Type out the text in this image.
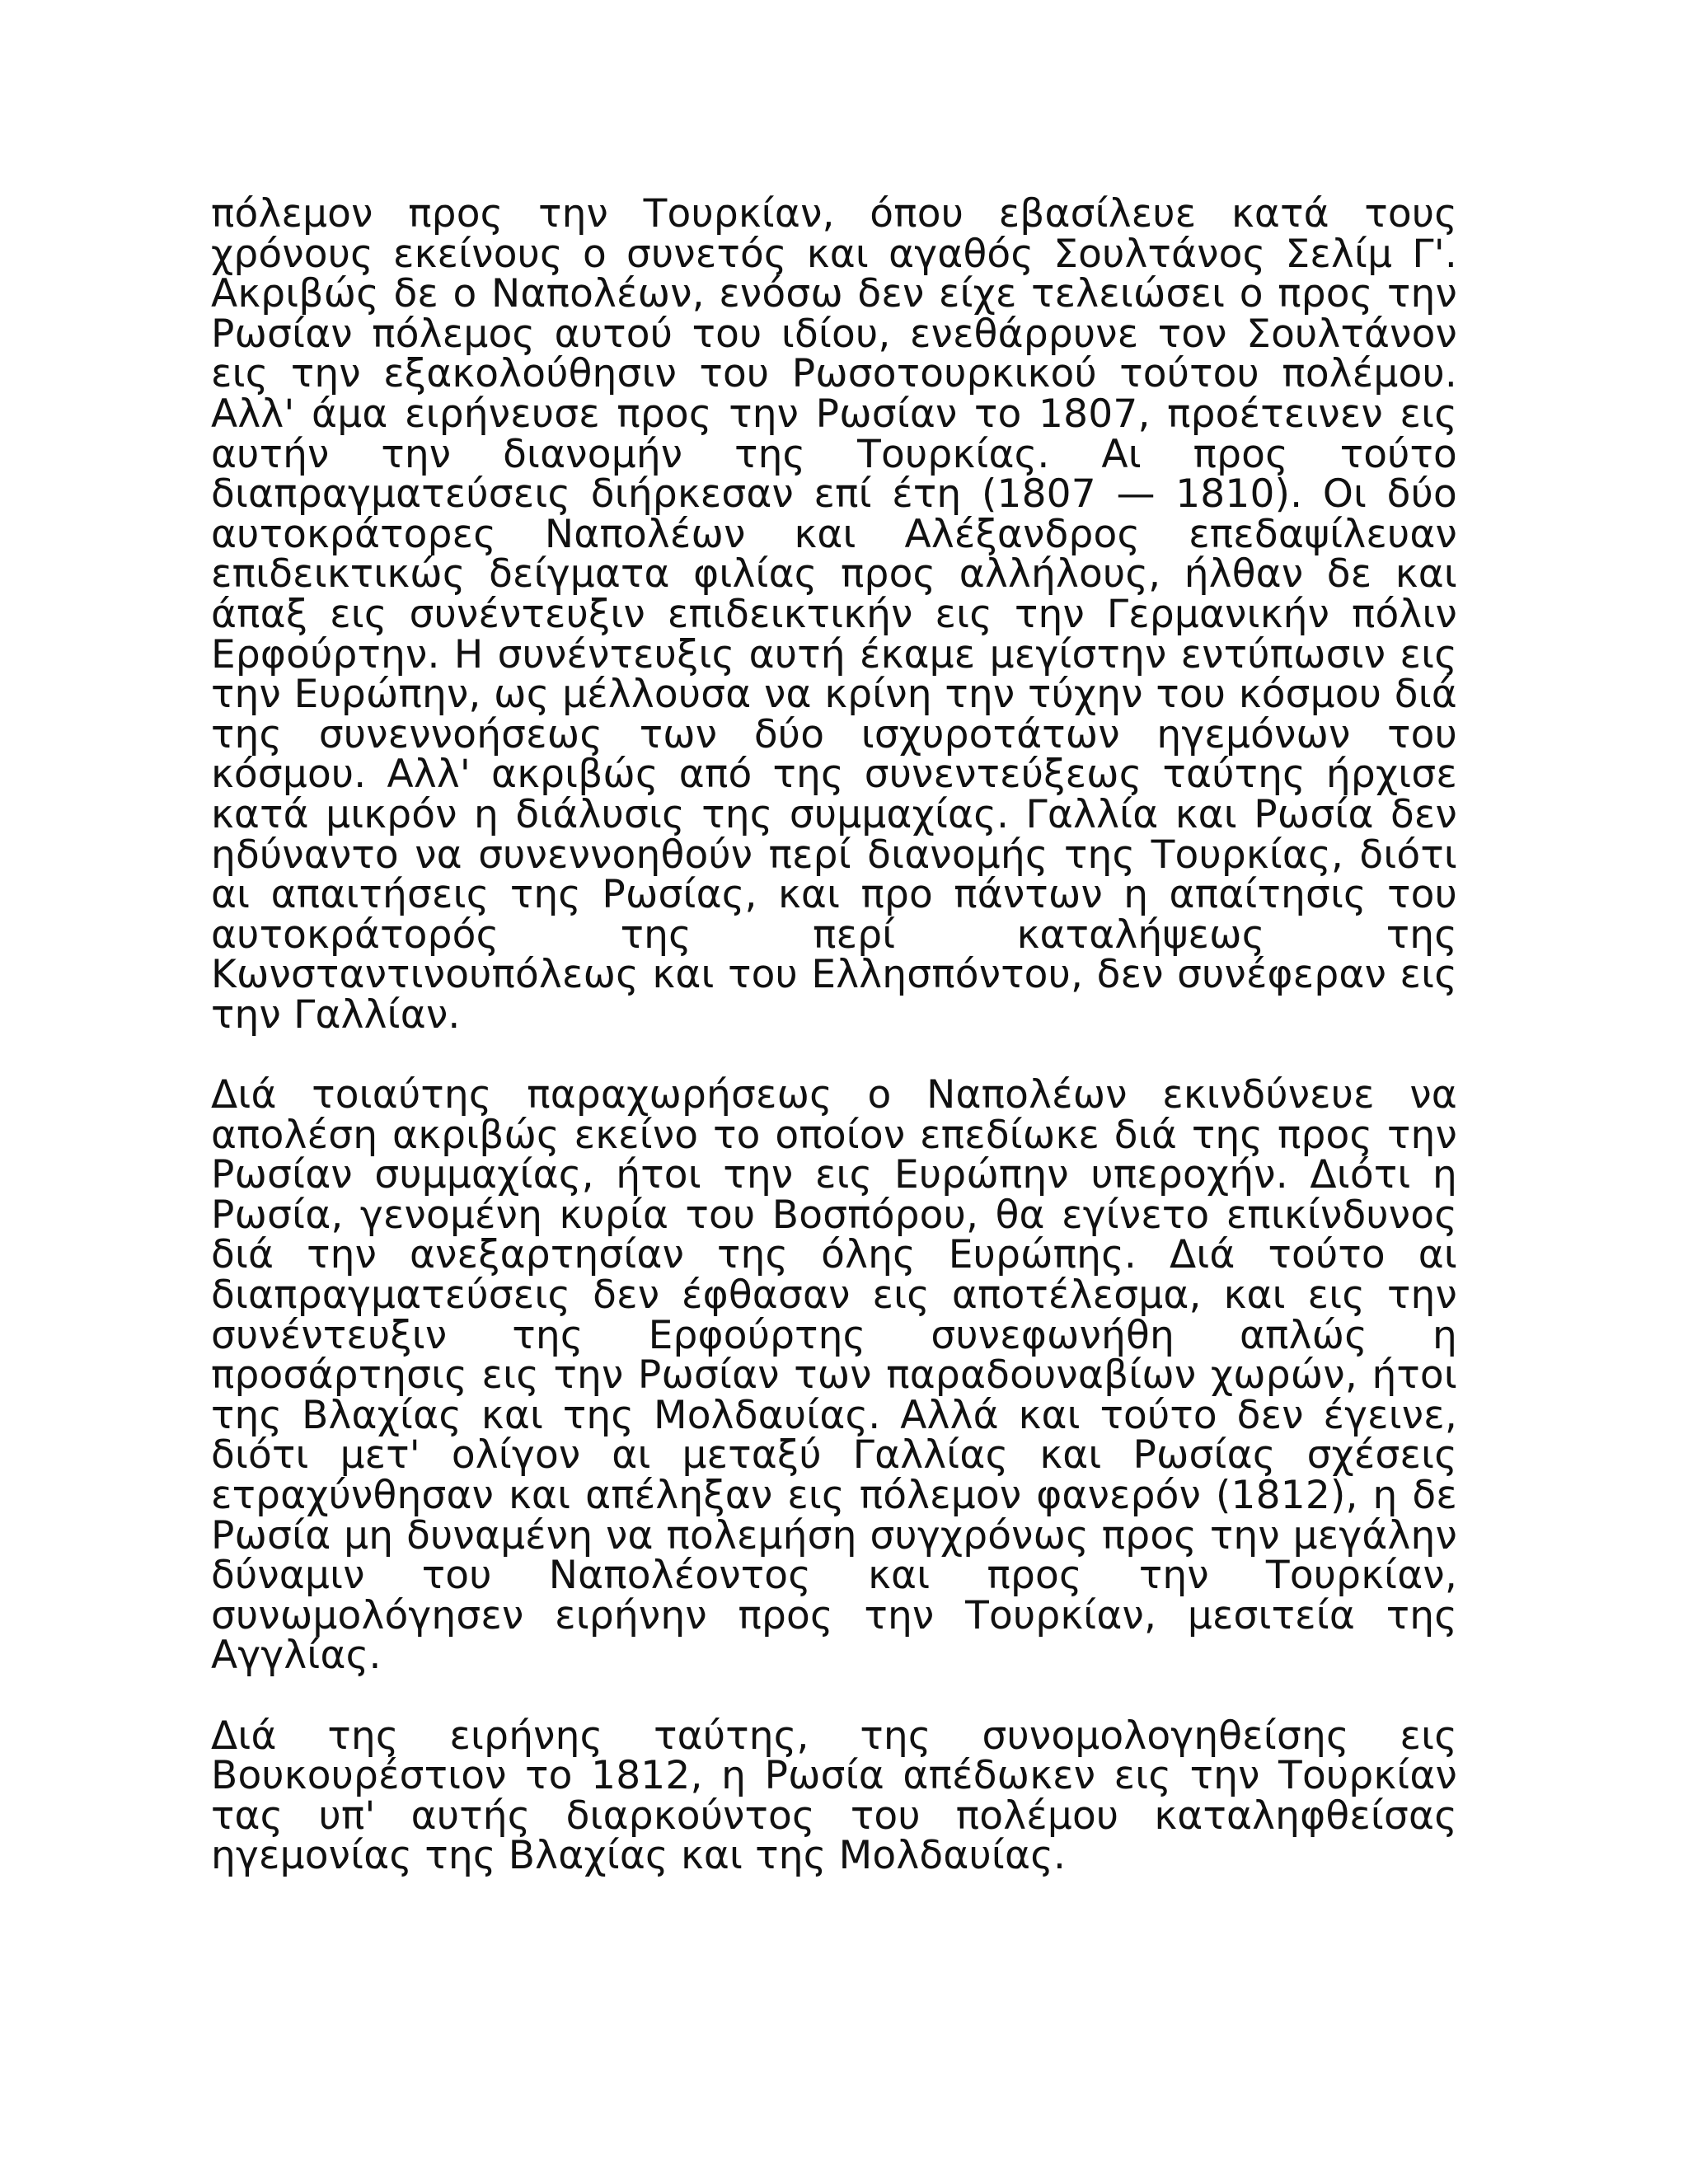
πόλεμον προς την Τουρκίαν, όπου εβασίλευε κατά τους χρόνους εκείνους ο συνετός και αγαθός Σουλτάνος Σελίμ Γ'. Ακριβώς δε ο Ναπολέων, ενόσω δεν είχε τελειώσει ο προς την Ρωσίαν πόλεμος αυτού του ιδίου, ενεθάρρυνε τον Σουλτάνον εις την εξακολούθησιν του Ρωσοτουρκικού τούτου πολέμου. Αλλ' άμα ειρήνευσε προς την Ρωσίαν το 1807, προέτεινεν εις αυτήν την διανομήν της Τουρκίας. Αι προς τούτο διαπραγματεύσεις διήρκεσαν επί έτη (1807 — 1810). Οι δύο αυτοκράτορες Ναπολέων και Αλέξανδρος επεδαψίλευαν επιδεικτικώς δείγματα φιλίας προς αλλήλους, ήλθαν δε και άπαξ εις συνέντευξιν επιδεικτικήν εις την Γερμανικήν πόλιν Ερφούρτην. Η συνέντευξις αυτή έκαμε μεγίστην εντύπωσιν εις την Ευρώπην, ως μέλλουσα να κρίνη την τύχην του κόσμου διά της συνεννοήσεως των δύο ισχυροτάτων ηγεμόνων του κόσμου. Αλλ' ακριβώς από της συνεντεύξεως ταύτης ήρχισε κατά μικρόν η διάλυσις της συμμαχίας. Γαλλία και Ρωσία δεν ηδύναντο να συνεννοηθούν περί διανομής της Τουρκίας, διότι αι απαιτήσεις της Ρωσίας, και προ πάντων η απαίτησις του αυτοκράτορός της περί καταλήψεως της Κωνσταντινουπόλεως και του Ελλησπόντου, δεν συνέφεραν εις την Γαλλίαν.

Διά τοιαύτης παραχωρήσεως ο Ναπολέων εκινδύνευε να απολέση ακριβώς εκείνο το οποίον επεδίωκε διά της προς την Ρωσίαν συμμαχίας, ήτοι την εις Ευρώπην υπεροχήν. Διότι η Ρωσία, γενομένη κυρία του Βοσπόρου, θα εγίνετο επικίνδυνος διά την ανεξαρτησίαν της όλης Ευρώπης. Διά τούτο αι διαπραγματεύσεις δεν έφθασαν εις αποτέλεσμα, και εις την συνέντευξιν της Ερφούρτης συνεφωνήθη απλώς η προσάρτησις εις την Ρωσίαν των παραδουναβίων χωρών, ήτοι της Βλαχίας και της Μολδαυίας. Αλλά και τούτο δεν έγεινε, διότι μετ' ολίγον αι μεταξύ Γαλλίας και Ρωσίας σχέσεις ετραχύνθησαν και απέληξαν εις πόλεμον φανερόν (1812), η δε Ρωσία μη δυναμένη να πολεμήση συγχρόνως προς την μεγάλην δύναμιν του Ναπολέοντος και προς την Τουρκίαν, συνωμολόγησεν ειρήνην προς την Τουρκίαν, μεσιτεία της Αγγλίας.

Διά της ειρήνης ταύτης, της συνομολογηθείσης εις Βουκουρέστιον το 1812, η Ρωσία απέδωκεν εις την Τουρκίαν τας υπ' αυτής διαρκούντος του πολέμου καταληφθείσας ηγεμονίας της Βλαχίας και της Μολδαυίας.
